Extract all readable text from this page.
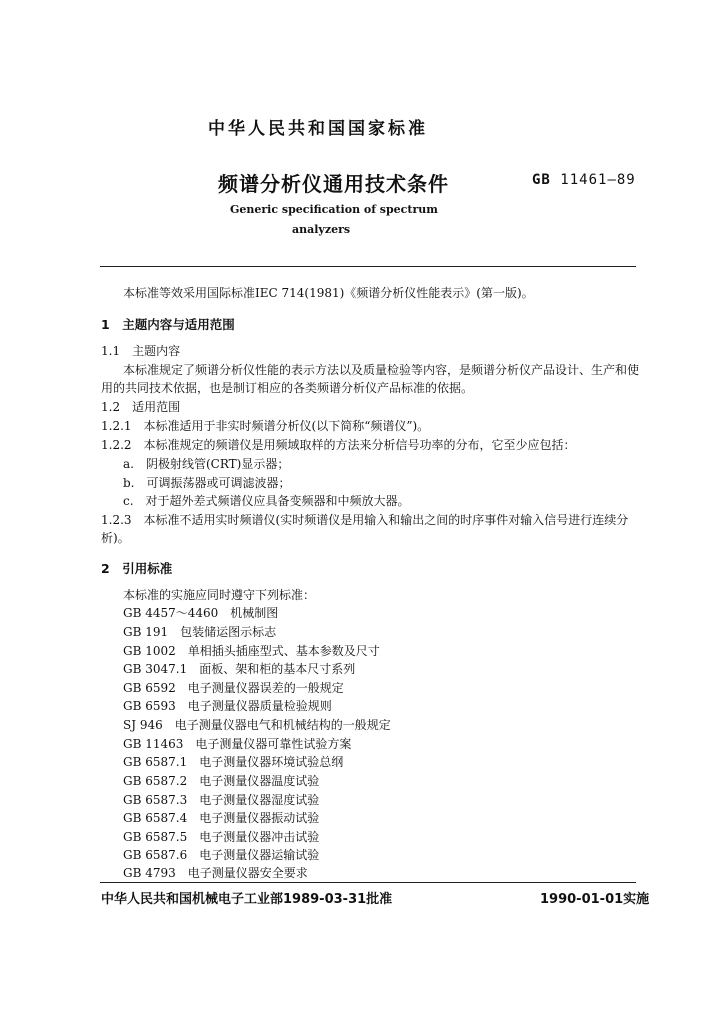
中华人民共和国国家标准
频谱分析仪通用技术条件	GB 11461—89
Generic specification of spectrum
analyzers
本标准等效采用国际标准IEC 714(1981)《频谱分析仪性能表示》(第一版)。
1　主题内容与适用范围
1.1　主题内容
本标准规定了频谱分析仪性能的表示方法以及质量检验等内容，是频谱分析仪产品设计、生产和使
用的共同技术依据，也是制订相应的各类频谱分析仪产品标准的依据。
1.2　适用范围
1.2.1　本标准适用于非实时频谱分析仪(以下简称“频谱仪”)。
1.2.2　本标准规定的频谱仪是用频域取样的方法来分析信号功率的分布，它至少应包括：
a.　阴极射线管(CRT)显示器；
b.　可调振荡器或可调滤波器；
c.　对于超外差式频谱仪应具备变频器和中频放大器。
1.2.3　本标准不适用实时频谱仪(实时频谱仪是用输入和输出之间的时序事件对输入信号进行连续分
析)。
2　引用标准
本标准的实施应同时遵守下列标准：
GB 4457～4460　机械制图
GB 191　包装储运图示标志
GB 1002　单相插头插座型式、基本参数及尺寸
GB 3047.1　面板、架和柜的基本尺寸系列
GB 6592　电子测量仪器误差的一般规定
GB 6593　电子测量仪器质量检验规则
SJ 946　电子测量仪器电气和机械结构的一般规定
GB 11463　电子测量仪器可靠性试验方案
GB 6587.1　电子测量仪器环境试验总纲
GB 6587.2　电子测量仪器温度试验
GB 6587.3　电子测量仪器湿度试验
GB 6587.4　电子测量仪器振动试验
GB 6587.5　电子测量仪器冲击试验
GB 6587.6　电子测量仪器运输试验
GB 4793　电子测量仪器安全要求
中华人民共和国机械电子工业部1989-03-31批准	1990-01-01实施
